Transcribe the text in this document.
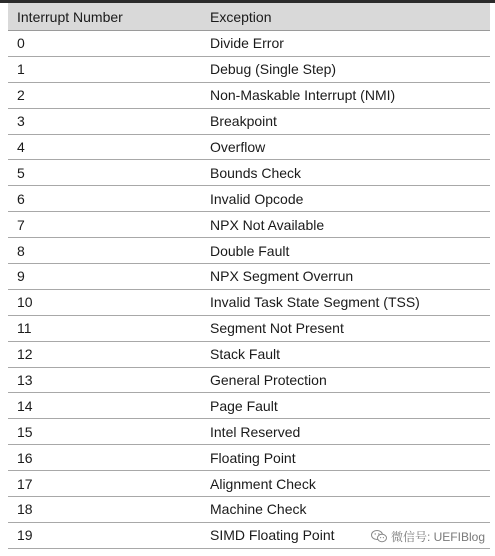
Interrupt Number	Exception
0	Divide Error
1	Debug (Single Step)
2	Non-Maskable Interrupt (NMI)
3	Breakpoint
4	Overflow
5	Bounds Check
6	Invalid Opcode
7	NPX Not Available
8	Double Fault
9	NPX Segment Overrun
10	Invalid Task State Segment (TSS)
11	Segment Not Present
12	Stack Fault
13	General Protection
14	Page Fault
15	Intel Reserved
16	Floating Point
17	Alignment Check
18	Machine Check
19	SIMD Floating Point	微信号: UEFIBlog
